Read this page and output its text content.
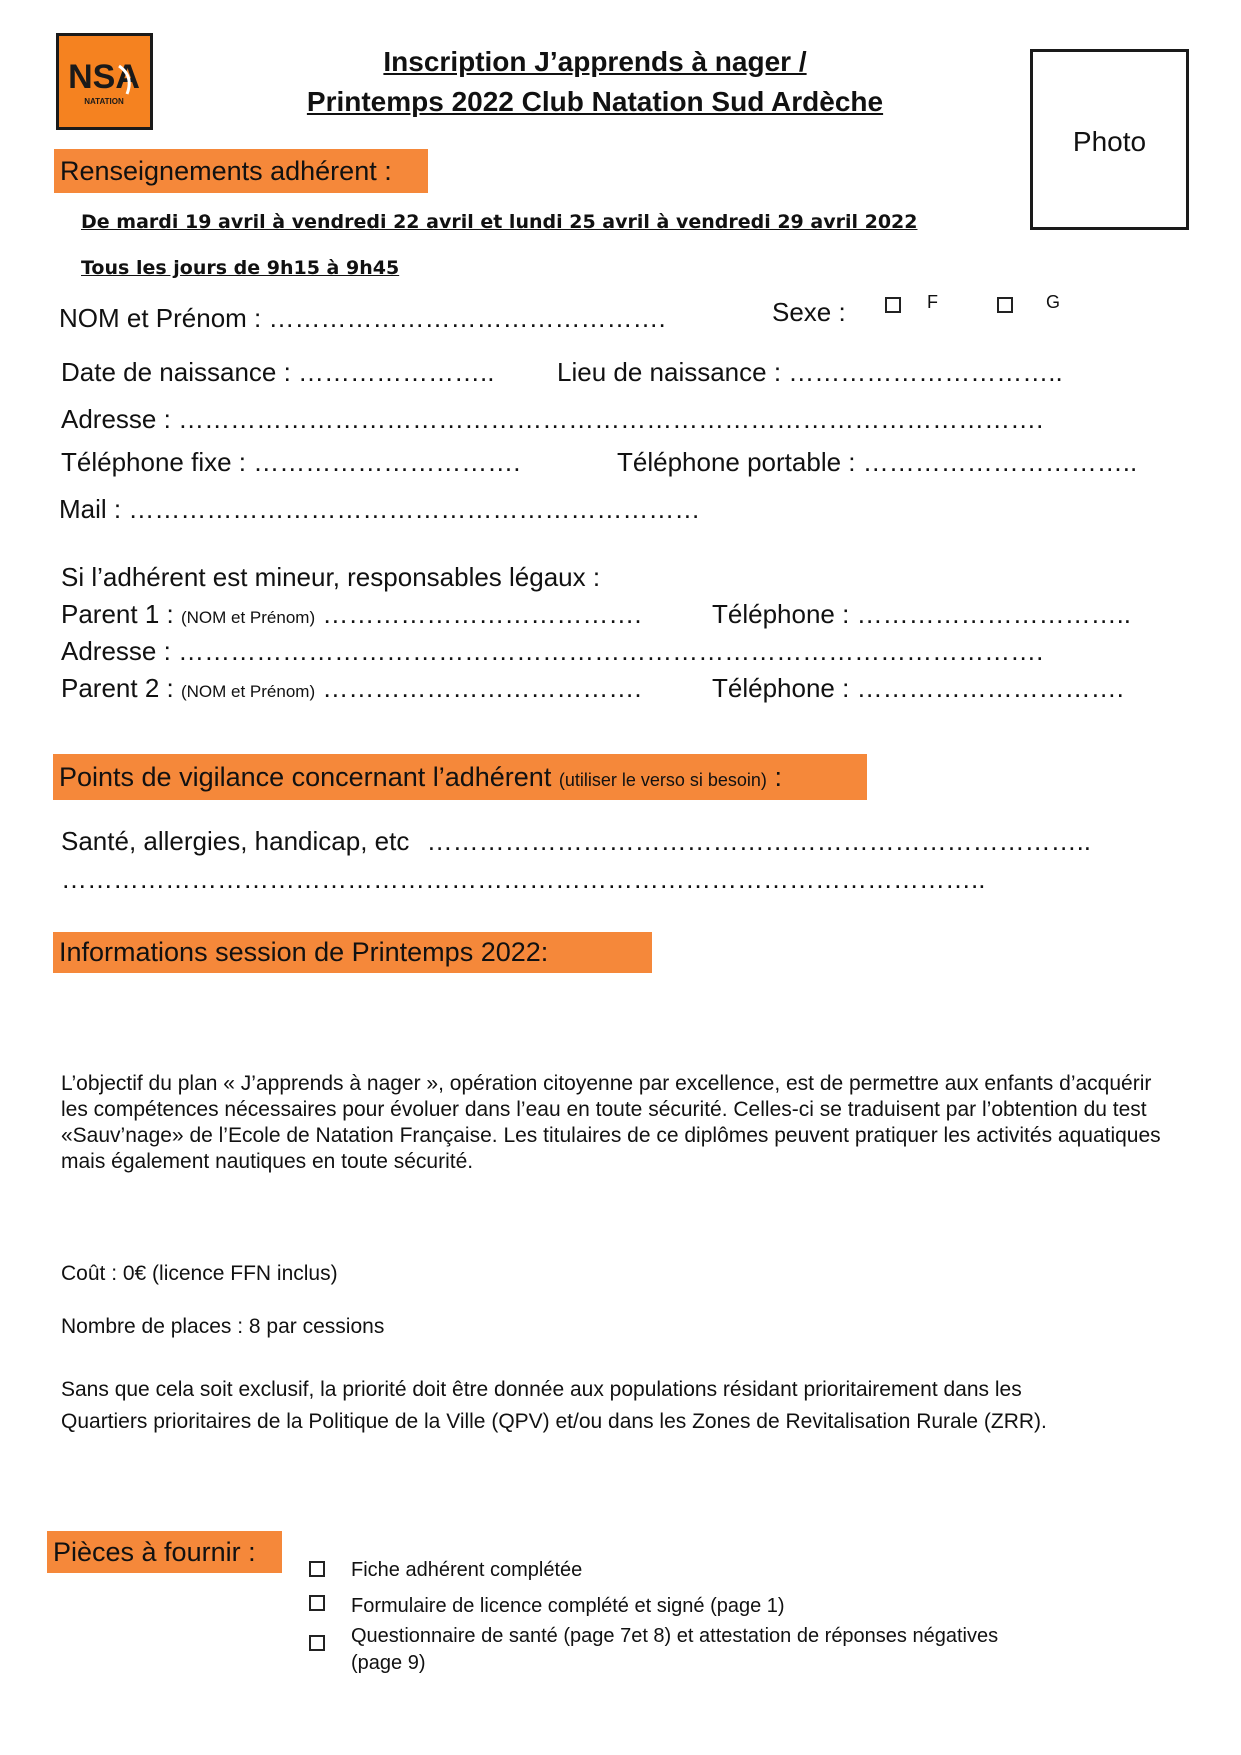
NSA
NATATION
Inscription J’apprends à nager /
Printemps 2022 Club Natation Sud Ardèche
Photo
Renseignements adhérent :
De mardi 19 avril à vendredi 22 avril et lundi 25 avril à vendredi 29 avril 2022
Tous les jours de 9h15 à 9h45
NOM et Prénom : ……………………………………….	Sexe :	F	G
Date de naissance : ………………….. Lieu de naissance : …………………………..
Adresse : ……………………………………………………………………………………….
Téléphone fixe : ………………………….	Téléphone portable : …………………………..
Mail : …………………………………………………………
Si l’adhérent est mineur, responsables légaux :
Parent 1 : (NOM et Prénom) ……………………………….	Téléphone : …………………………..
Adresse : ……………………………………………………………………………………….
Parent 2 : (NOM et Prénom) ……………………………….	Téléphone : ………………………….
Points de vigilance concernant l’adhérent (utiliser le verso si besoin) :
Santé, allergies, handicap, etc …………………………………………………………………..
……………………………………………………………………………………………..
Informations session de Printemps 2022:
L’objectif du plan « J’apprends à nager », opération citoyenne par excellence, est de permettre aux enfants d’acquérir les compétences nécessaires pour évoluer dans l’eau en toute sécurité. Celles-ci se traduisent par l’obtention du test «Sauv’nage» de l’Ecole de Natation Française. Les titulaires de ce diplômes peuvent pratiquer les activités aquatiques mais également nautiques en toute sécurité.
Coût : 0€ (licence FFN inclus)
Nombre de places : 8 par cessions
Sans que cela soit exclusif, la priorité doit être donnée aux populations résidant prioritairement dans les
Quartiers prioritaires de la Politique de la Ville (QPV) et/ou dans les Zones de Revitalisation Rurale (ZRR).
Pièces à fournir :
Fiche adhérent complétée
Formulaire de licence complété et signé (page 1)
Questionnaire de santé (page 7et 8) et attestation de réponses négatives
(page 9)
